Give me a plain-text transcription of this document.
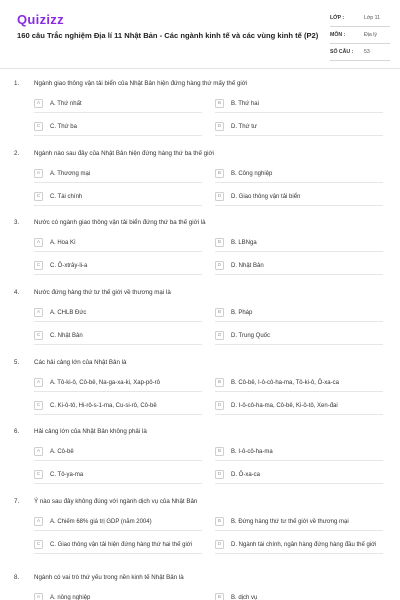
Quizizz
160 câu Trắc nghiệm Địa lí 11 Nhật Bản - Các ngành kinh tế và các vùng kinh tế (P2)
LỚP :	Lớp 11
MÔN :	Địa lý
SỐ CÂU : 53
1. Ngành giao thông vận tải biển của Nhật Bản hiện đứng hàng thứ mấy thế giới
A	A. Thứ nhất	B	B. Thứ hai
C	C. Thứ ba	D	D. Thứ tư
2. Ngành nào sau đây của Nhật Bản hiện đứng hàng thứ ba thế giới
A	A. Thương mại	B	B. Công nghiệp
C	C. Tài chính	D	D. Giao thông vận tải biển
3. Nước có ngành giao thông vận tải biển đứng thứ ba thế giới là
A	A. Hoa Kì	B	B. LBNga
C	C. Ô-xtrây-li-a	D	D. Nhật Bản
4. Nước đứng hàng thứ tư thế giới về thương mại là
A	A. CHLB Đức	B	B. Pháp
C	C. Nhật Bản	D	D. Trung Quốc
5. Các hải cảng lớn của Nhật Bản là
A	A. Tô-ki-ô, Cô-bê, Na-ga-xa-ki, Xap-pô-rô	B	B. Cô-bê, I-ô-cô-ha-ma, Tô-ki-ô, Ô-xa-ca
C	C. Ki-ô-tô, Hi-rô-s-1-ma, Cu-si-rô, Cô-bê	D	D. I-ô-cô-ha-ma, Cô-bê, Ki-ô-tô, Xen-đai
6. Hải cảng lớn của Nhật Bản không phải là
A	A. Cô-bê	B	B. I-ô-cô-ha-ma
C	C. Tô-ya-ma	D	D. Ô-xa-ca
7. Ý nào sau đây không đúng với ngành dịch vụ của Nhật Bản
A	A. Chiếm 68% giá trị GDP (năm 2004)	B	B. Đứng hàng thứ tư thế giới về thương mại
C	C. Giao thông vận tải hiện đứng hàng thứ hai thế giới	D	D. Ngành tài chính, ngân hàng đứng hàng đầu thế giới
8. Ngành có vai trò thứ yếu trong nền kinh tế Nhật Bản là
A	A. nông nghiệp	B	B. dịch vụ
